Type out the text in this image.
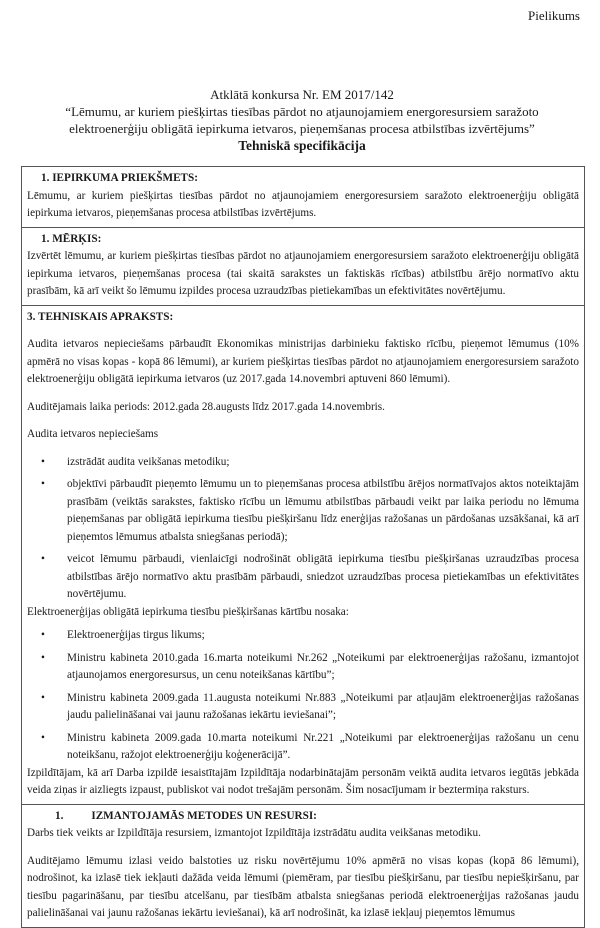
Pielikums
Atklātā konkursa Nr. EM 2017/142
“Lēmumu, ar kuriem piešķirtas tiesības pārdot no atjaunojamiem energoresursiem saražoto elektroenerģiju obligātā iepirkuma ietvaros, pieņemšanas procesa atbilstības izvērtējums”
Tehniskā specifikācija
1. IEPIRKUMA PRIEKŠMETS:

Lēmumu, ar kuriem piešķirtas tiesības pārdot no atjaunojamiem energoresursiem saražoto elektroenerģiju obligātā iepirkuma ietvaros, pieņemšanas procesa atbilstības izvērtējums.

1. MĒRĶIS:

Izvērtēt lēmumu, ar kuriem piešķirtas tiesības pārdot no atjaunojamiem energoresursiem saražoto elektroenerģiju obligātā iepirkuma ietvaros, pieņemšanas procesa (tai skaitā sarakstes un faktiskās rīcības) atbilstību ārējo normatīvo aktu prasībām, kā arī veikt šo lēmumu izpildes procesa uzraudzības pietiekamības un efektivitātes novērtējumu.

3. TEHNISKAIS APRAKSTS:

Audita ietvaros nepieciešams pārbaudīt Ekonomikas ministrijas darbinieku faktisko rīcību, pieņemot lēmumus (10% apmērā no visas kopas - kopā 86 lēmumi), ar kuriem piešķirtas tiesības pārdot no atjaunojamiem energoresursiem saražoto elektroenerģiju obligātā iepirkuma ietvaros (uz 2017.gada 14.novembri aptuveni 860 lēmumi).

Auditējamais laika periods: 2012.gada 28.augusts līdz 2017.gada 14.novembris.

Audita ietvaros nepieciešams

• izstrādāt audita veikšanas metodiku;
• objektīvi pārbaudīt pieņemto lēmumu un to pieņemšanas procesa atbilstību ārējos normatīvajos aktos noteiktajām prasībām (veiktās sarakstes, faktisko rīcību un lēmumu atbilstības pārbaudi veikt par laika periodu no lēmuma pieņemšanas par obligātā iepirkuma tiesību piešķiršanu līdz enerģijas ražošanas un pārdošanas uzsākšanai, kā arī pieņemtos lēmumus atbalsta sniegšanas periodā);
• veicot lēmumu pārbaudi, vienlaicīgi nodrošināt obligātā iepirkuma tiesību piešķiršanas uzraudzības procesa atbilstības ārējo normatīvo aktu prasībām pārbaudi, sniedzot uzraudzības procesa pietiekamības un efektivitātes novērtējumu.

Elektroenerģijas obligātā iepirkuma tiesību piešķiršanas kārtību nosaka:

• Elektroenerģijas tirgus likums;
• Ministru kabineta 2010.gada 16.marta noteikumi Nr.262 „Noteikumi par elektroenerģijas ražošanu, izmantojot atjaunojamos energoresursus, un cenu noteikšanas kārtību”;
• Ministru kabineta 2009.gada 11.augusta noteikumi Nr.883 „Noteikumi par atļaujām elektroenerģijas ražošanas jaudu palielināšanai vai jaunu ražošanas iekārtu ieviešanai”;
• Ministru kabineta 2009.gada 10.marta noteikumi Nr.221 „Noteikumi par elektroenerģijas ražošanu un cenu noteikšanu, ražojot elektroenerģiju koģenerācijā”.

Izpildītājam, kā arī Darba izpildē iesaistītajām Izpildītāja nodarbinātajām personām veiktā audita ietvaros iegūtās jebkāda veida ziņas ir aizliegts izpaust, publiskot vai nodot trešajām personām. Šim nosacījumam ir beztermiņa raksturs.

1.          IZMANTOJAMĀS METODES UN RESURSI:

Darbs tiek veikts ar Izpildītāja resursiem, izmantojot Izpildītāja izstrādātu audita veikšanas metodiku.

Auditējamo lēmumu izlasi veido balstoties uz risku novērtējumu 10% apmērā no visas kopas (kopā 86 lēmumi), nodrošinot, ka izlasē tiek iekļauti dažāda veida lēmumi (piemēram, par tiesību piešķiršanu, par tiesību nepiešķiršanu, par tiesību pagarināšanu, par tiesību atcelšanu, par tiesībām atbalsta sniegšanas periodā elektroenerģijas ražošanas jaudu palielināšanai vai jaunu ražošanas iekārtu ieviešanai), kā arī nodrošināt, ka izlasē iekļauj pieņemtos lēmumus
